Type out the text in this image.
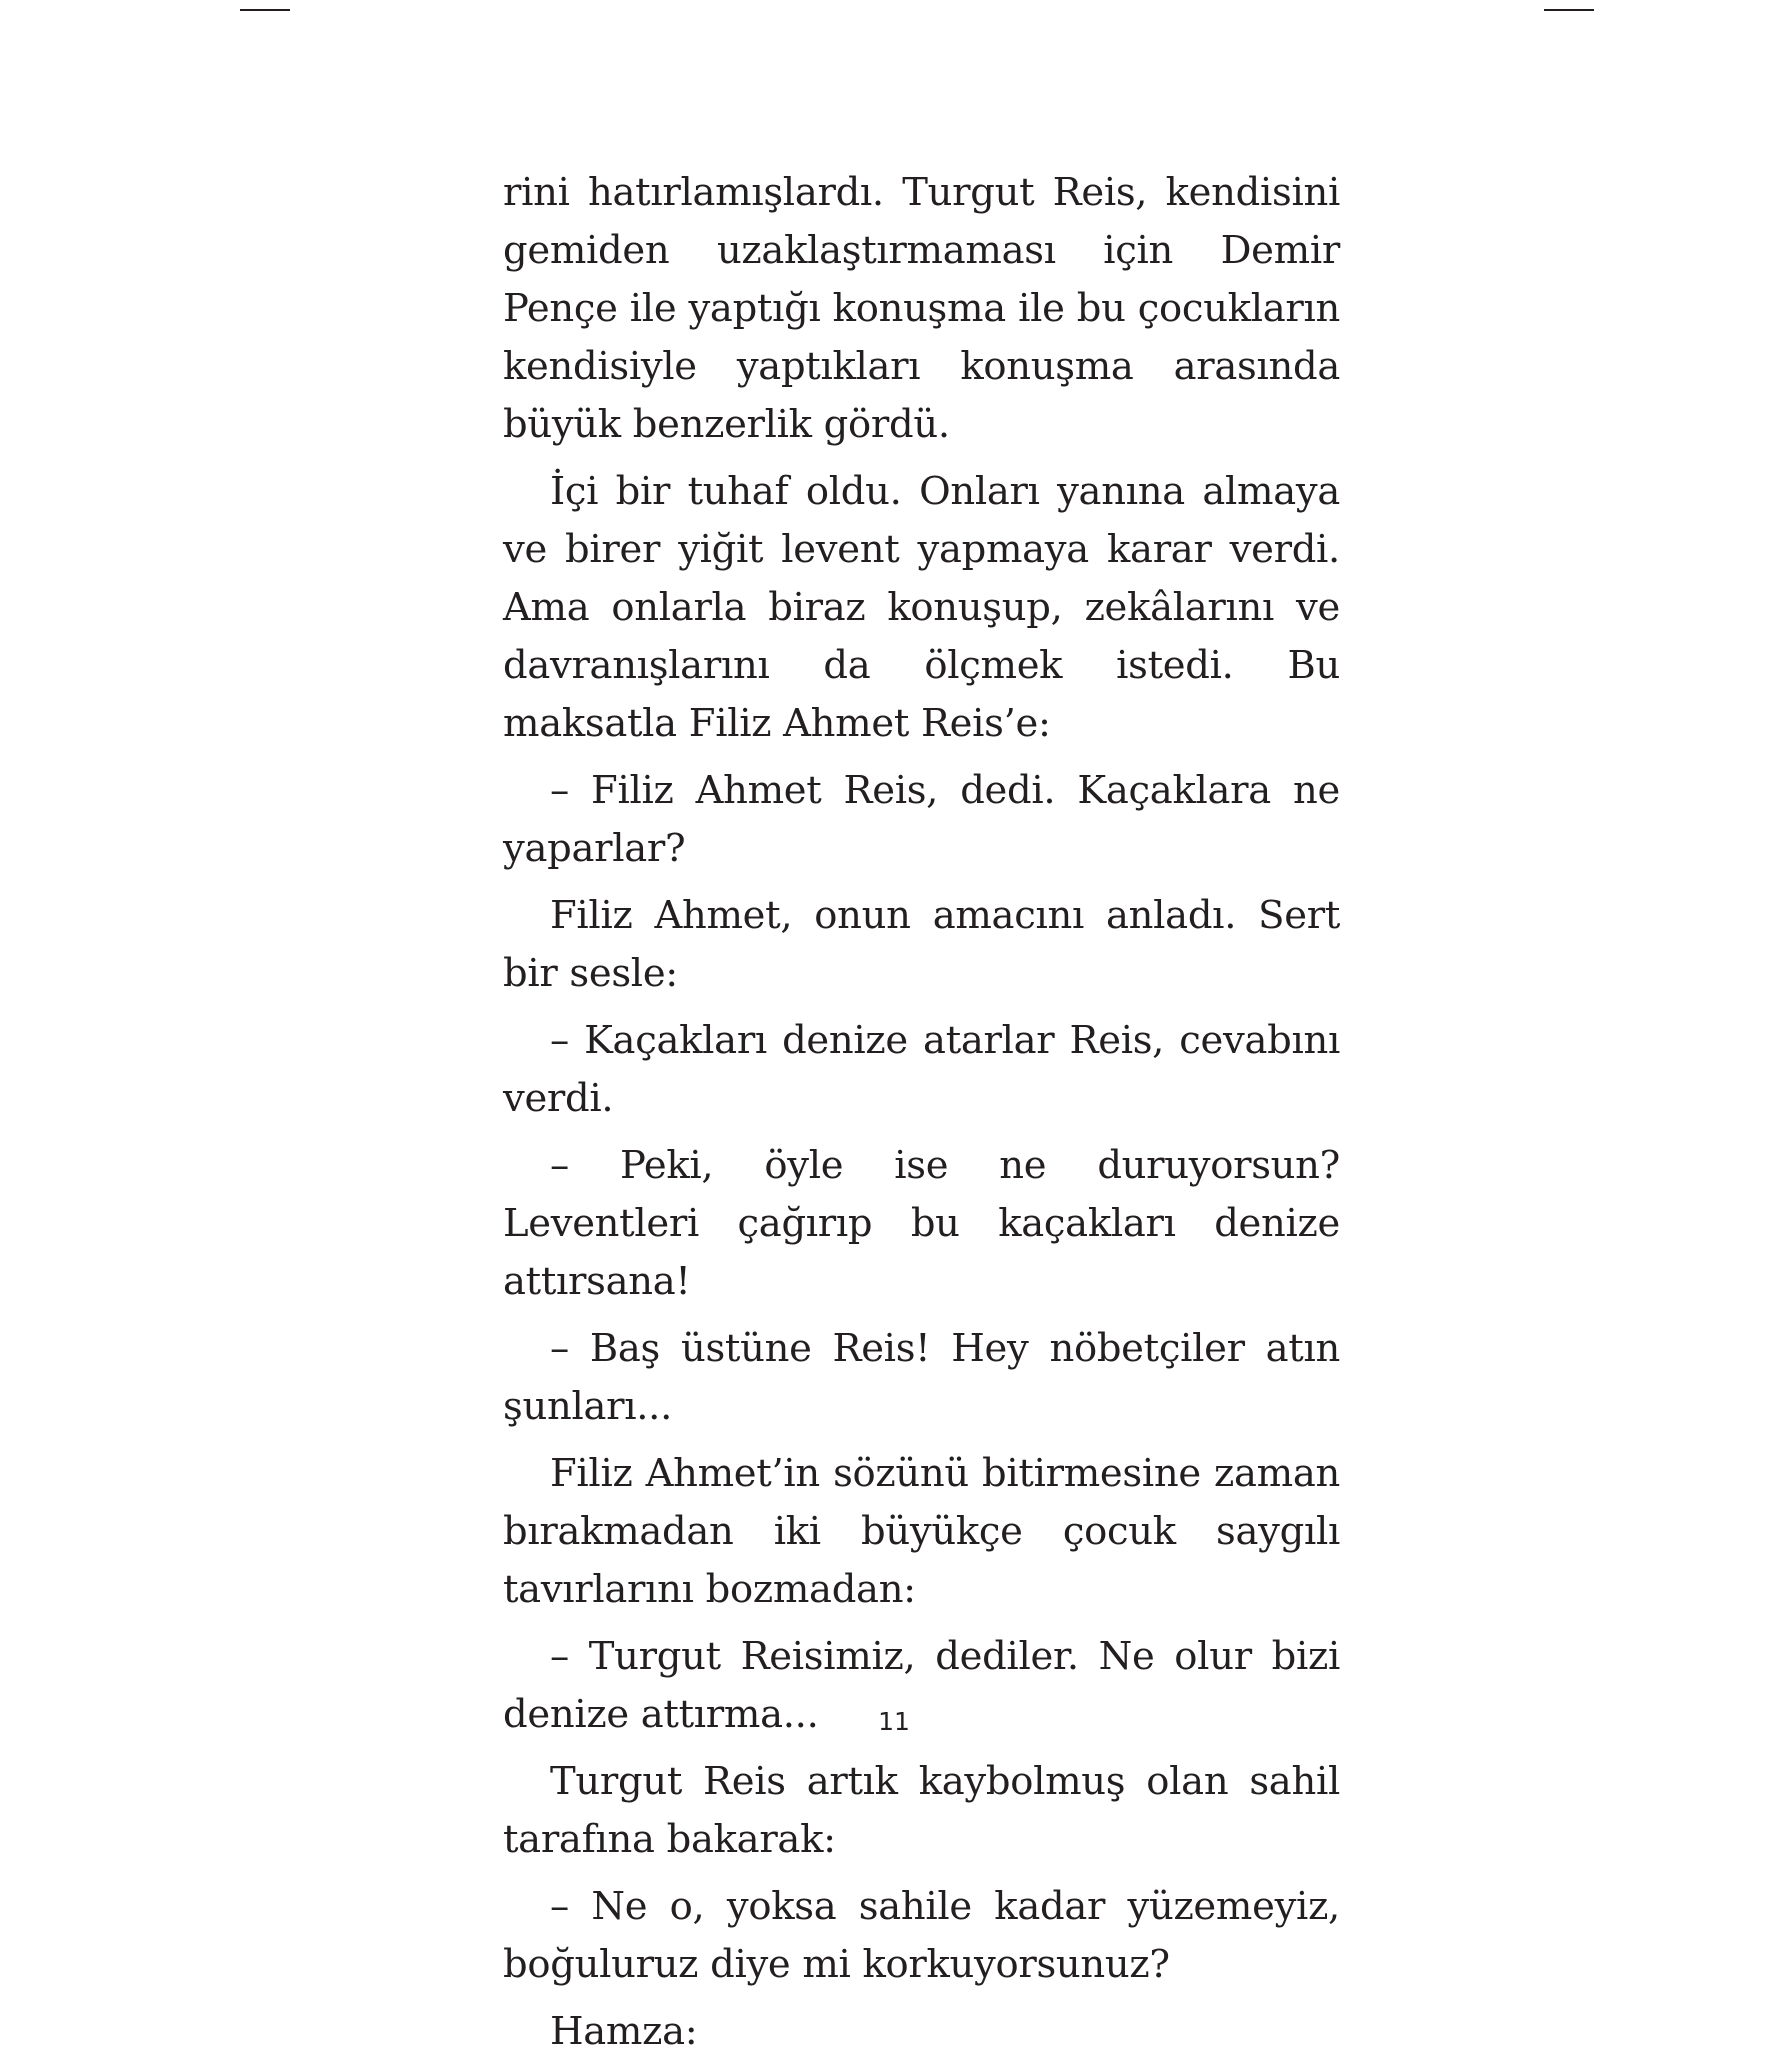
rini hatırlamışlardı. Turgut Reis, kendisini gemiden uzaklaştırmaması için Demir Pençe ile yaptığı konuşma ile bu çocukların kendisiyle yaptıkları konuşma arasında büyük benzerlik gördü.

İçi bir tuhaf oldu. Onları yanına almaya ve birer yiğit levent yapmaya karar verdi. Ama onlarla biraz konuşup, zekâlarını ve davranışlarını da ölçmek istedi. Bu maksatla Filiz Ahmet Reis’e:

– Filiz Ahmet Reis, dedi. Kaçaklara ne yaparlar?

Filiz Ahmet, onun amacını anladı. Sert bir sesle:

– Kaçakları denize atarlar Reis, cevabını verdi.

– Peki, öyle ise ne duruyorsun? Leventleri çağırıp bu kaçakları denize attırsana!

– Baş üstüne Reis! Hey nöbetçiler atın şunları...

Filiz Ahmet’in sözünü bitirmesine zaman bırakmadan iki büyükçe çocuk saygılı tavırlarını bozmadan:

– Turgut Reisimiz, dediler. Ne olur bizi denize attırma...

Turgut Reis artık kaybolmuş olan sahil tarafına bakarak:

– Ne o, yoksa sahile kadar yüzemeyiz, boğuluruz diye mi korkuyorsunuz?

Hamza:

11
